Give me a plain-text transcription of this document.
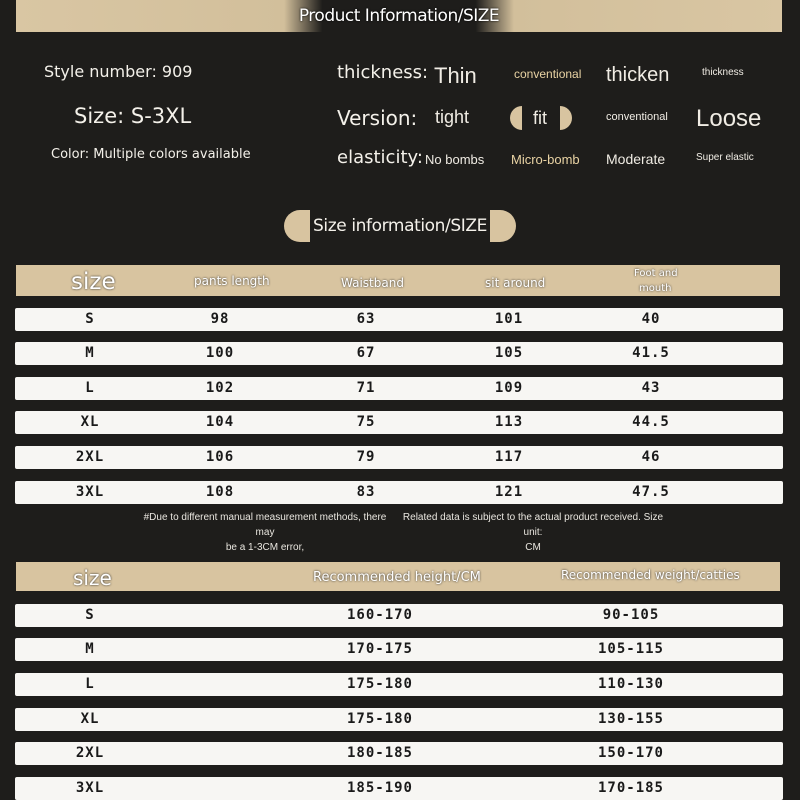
Product Information/SIZE
Style number: 909
Size: S-3XL
Color: Multiple colors available
thickness: Thin	conventional thicken	thickness
Version: tight	fit	conventional Loose
elasticity: No bombs Micro-bomb Moderate	Super elastic
Size information/SIZE
size	pants length	Waistband	sit around
Foot and
mouth
S	98	63	101	40
M	100	67	105	41.5
L	102	71	109	43
XL	104	75	113	44.5
2XL	106	79	117	46
3XL	108	83	121	47.5
#Due to different manual measurement methods, there may
be a 1-3CM error,
Related data is subject to the actual product received. Size unit:
CM
size	Recommended height/CM	Recommended weight/catties
S	160-170	90-105
M	170-175	105-115
L	175-180	110-130
XL	175-180	130-155
2XL	180-185	150-170
3XL	185-190	170-185
